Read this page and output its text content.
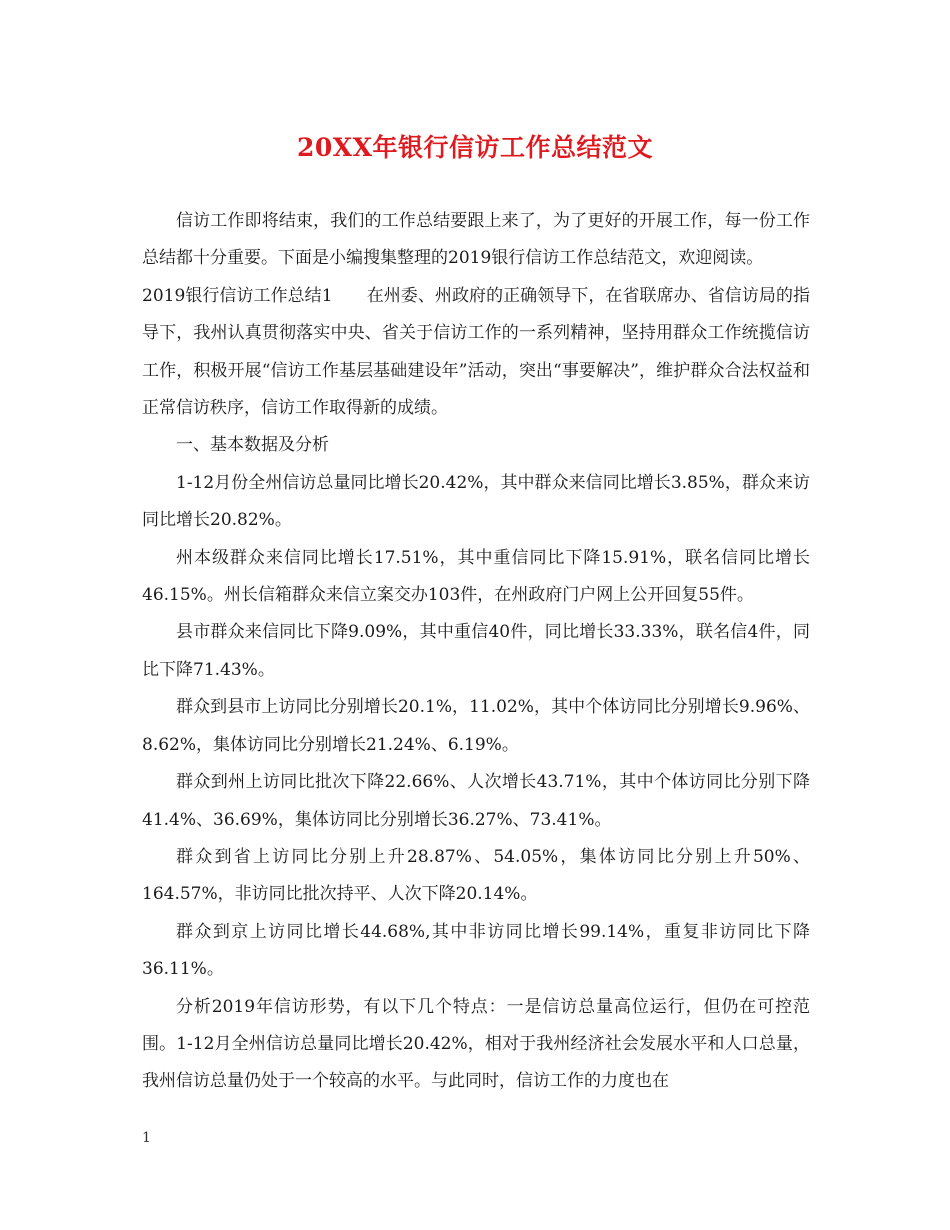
20XX年银行信访工作总结范文

信访工作即将结束，我们的工作总结要跟上来了，为了更好的开展工作，每一份工作总结都十分重要。下面是小编搜集整理的2019银行信访工作总结范文，欢迎阅读。

2019银行信访工作总结1　　在州委、州政府的正确领导下，在省联席办、省信访局的指导下，我州认真贯彻落实中央、省关于信访工作的一系列精神，坚持用群众工作统揽信访工作，积极开展“信访工作基层基础建设年”活动，突出“事要解决”，维护群众合法权益和正常信访秩序，信访工作取得新的成绩。

一、基本数据及分析

1-12月份全州信访总量同比增长20.42%，其中群众来信同比增长3.85%，群众来访同比增长20.82%。

州本级群众来信同比增长17.51%，其中重信同比下降15.91%，联名信同比增长46.15%。州长信箱群众来信立案交办103件，在州政府门户网上公开回复55件。

县市群众来信同比下降9.09%，其中重信40件，同比增长33.33%，联名信4件，同比下降71.43%。

群众到县市上访同比分别增长20.1%，11.02%，其中个体访同比分别增长9.96%、8.62%，集体访同比分别增长21.24%、6.19%。

群众到州上访同比批次下降22.66%、人次增长43.71%，其中个体访同比分别下降41.4%、36.69%，集体访同比分别增长36.27%、73.41%。

群众到省上访同比分别上升28.87%、54.05%，集体访同比分别上升50%、164.57%，非访同比批次持平、人次下降20.14%。

群众到京上访同比增长44.68%,其中非访同比增长99.14%，重复非访同比下降36.11%。

分析2019年信访形势，有以下几个特点：一是信访总量高位运行，但仍在可控范围。1-12月全州信访总量同比增长20.42%，相对于我州经济社会发展水平和人口总量，我州信访总量仍处于一个较高的水平。与此同时，信访工作的力度也在

1
